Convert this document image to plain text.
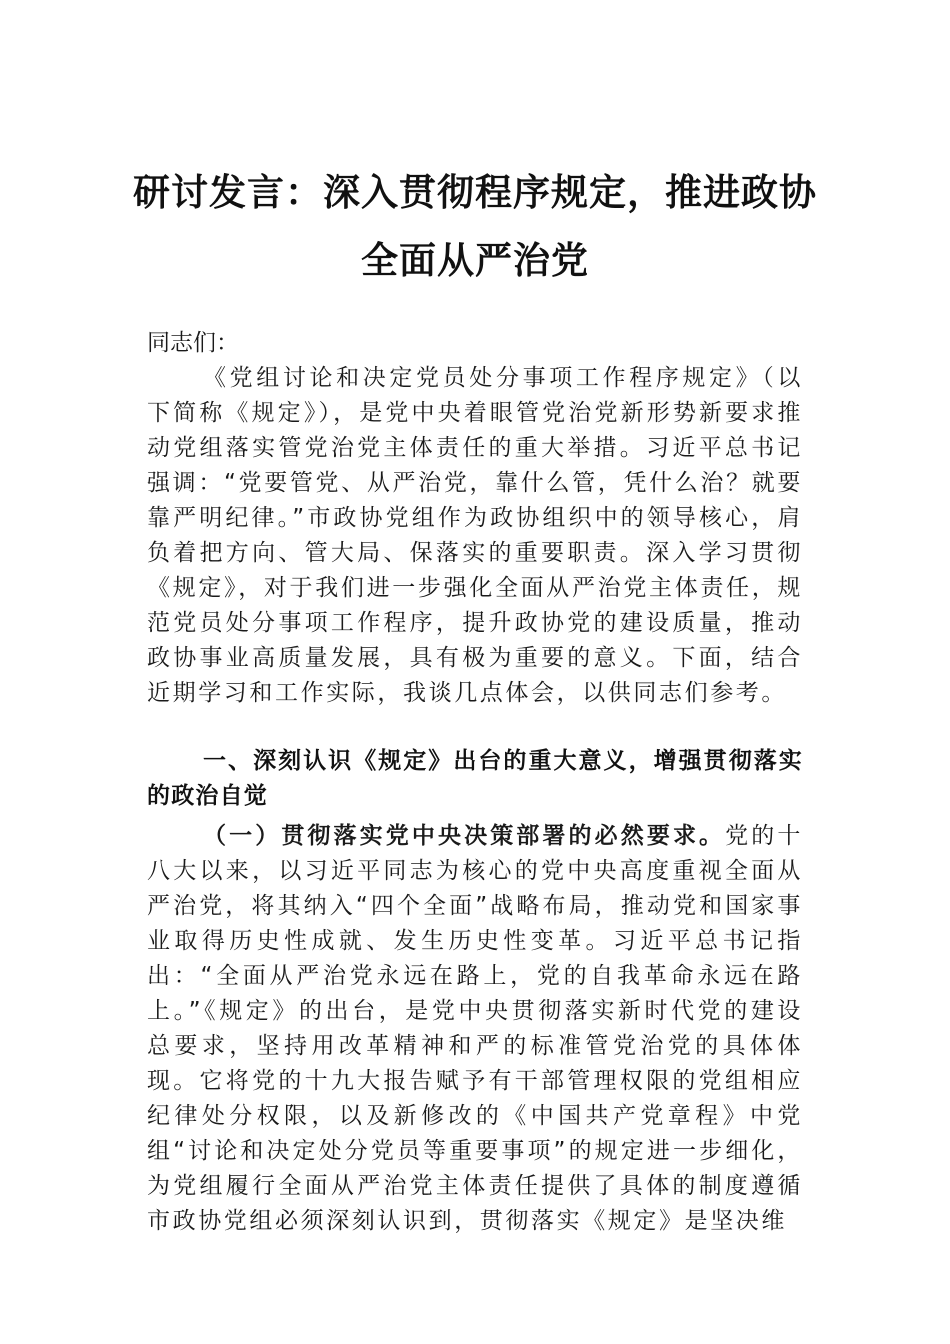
研讨发言：深入贯彻程序规定，推进政协
全面从严治党

同志们：

《党组讨论和决定党员处分事项工作程序规定》（以下简称《规定》），是党中央着眼管党治党新形势新要求推动党组落实管党治党主体责任的重大举措。习近平总书记强调：“党要管党、从严治党，靠什么管，凭什么治？就要靠严明纪律。”市政协党组作为政协组织中的领导核心，肩负着把方向、管大局、保落实的重要职责。深入学习贯彻《规定》，对于我们进一步强化全面从严治党主体责任，规范党员处分事项工作程序，提升政协党的建设质量，推动政协事业高质量发展，具有极为重要的意义。下面，结合近期学习和工作实际，我谈几点体会，以供同志们参考。

一、深刻认识《规定》出台的重大意义，增强贯彻落实的政治自觉

（一）贯彻落实党中央决策部署的必然要求。党的十八大以来，以习近平同志为核心的党中央高度重视全面从严治党，将其纳入“四个全面”战略布局，推动党和国家事业取得历史性成就、发生历史性变革。习近平总书记指出：“全面从严治党永远在路上，党的自我革命永远在路上。”《规定》的出台，是党中央贯彻落实新时代党的建设总要求，坚持用改革精神和严的标准管党治党的具体体现。它将党的十九大报告赋予有干部管理权限的党组相应纪律处分权限，以及新修改的《中国共产党章程》中党组“讨论和决定处分党员等重要事项”的规定进一步细化，为党组履行全面从严治党主体责任提供了具体的制度遵循市政协党组必须深刻认识到，贯彻落实《规定》是坚决维
